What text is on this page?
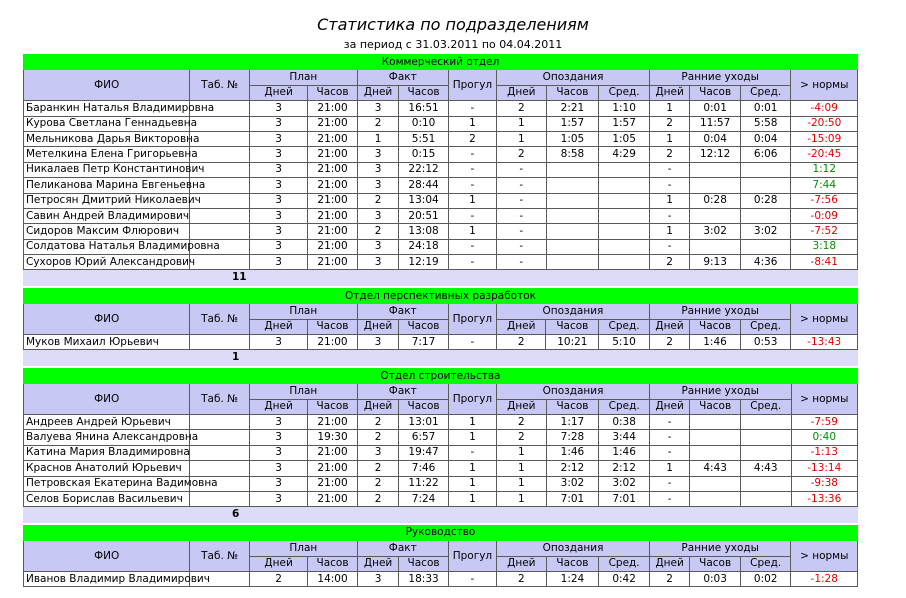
Статистика по подразделениям
за период с 31.03.2011 по 04.04.2011
Коммерческий отдел													
ФИО	Таб. №	План		Факт		Прогул	Опоздания			Ранние уходы			> нормы
		Дней	Часов	Дней	Часов		Дней	Часов	Сред.	Дней	Часов	Сред.	
Баранкин Наталья Владимировна		3	21:00	3	16:51	-	2	2:21	1:10	1	0:01	0:01	-4:09
Курова Светлана Геннадьевна		3	21:00	2	0:10	1	1	1:57	1:57	2	11:57	5:58	-20:50
Мельникова Дарья Викторовна		3	21:00	1	5:51	2	1	1:05	1:05	1	0:04	0:04	-15:09
Метелкина Елена Григорьевна		3	21:00	3	0:15	-	2	8:58	4:29	2	12:12	6:06	-20:45
Никалаев Петр Константинович		3	21:00	3	22:12	-	-			-			1:12
Пеликанова Марина Евгеньевна		3	21:00	3	28:44	-	-			-			7:44
Петросян Дмитрий Николаевич		3	21:00	2	13:04	1	-			1	0:28	0:28	-7:56
Савин Андрей Владимирович		3	21:00	3	20:51	-	-			-			-0:09
Сидоров Максим Флюрович		3	21:00	2	13:08	1	-			1	3:02	3:02	-7:52
Солдатова Наталья Владимировна		3	21:00	3	24:18	-	-			-			3:18
Сухоров Юрий Александрович		3	21:00	3	12:19	-	-			2	9:13	4:36	-8:41
11													

Отдел перспективных разработок													
ФИО	Таб. №	План		Факт		Прогул	Опоздания			Ранние уходы			> нормы
		Дней	Часов	Дней	Часов		Дней	Часов	Сред.	Дней	Часов	Сред.	
Муков Михаил Юрьевич		3	21:00	3	7:17	-	2	10:21	5:10	2	1:46	0:53	-13:43
1													

Отдел строительства													
ФИО	Таб. №	План		Факт		Прогул	Опоздания			Ранние уходы			> нормы
		Дней	Часов	Дней	Часов		Дней	Часов	Сред.	Дней	Часов	Сред.	
Андреев Андрей Юрьевич		3	21:00	2	13:01	1	2	1:17	0:38	-			-7:59
Валуева Янина Александровна		3	19:30	2	6:57	1	2	7:28	3:44	-			0:40
Катина Мария Владимировна		3	21:00	3	19:47	-	1	1:46	1:46	-			-1:13
Краснов Анатолий Юрьевич		3	21:00	2	7:46	1	1	2:12	2:12	1	4:43	4:43	-13:14
Петровская Екатерина Вадимовна		3	21:00	2	11:22	1	1	3:02	3:02	-			-9:38
Селов Борислав Васильевич		3	21:00	2	7:24	1	1	7:01	7:01	-			-13:36
6													

Руководство													
ФИО	Таб. №	План		Факт		Прогул	Опоздания			Ранние уходы			> нормы
		Дней	Часов	Дней	Часов		Дней	Часов	Сред.	Дней	Часов	Сред.	
Иванов Владимир Владимирович		2	14:00	3	18:33	-	2	1:24	0:42	2	0:03	0:02	-1:28
